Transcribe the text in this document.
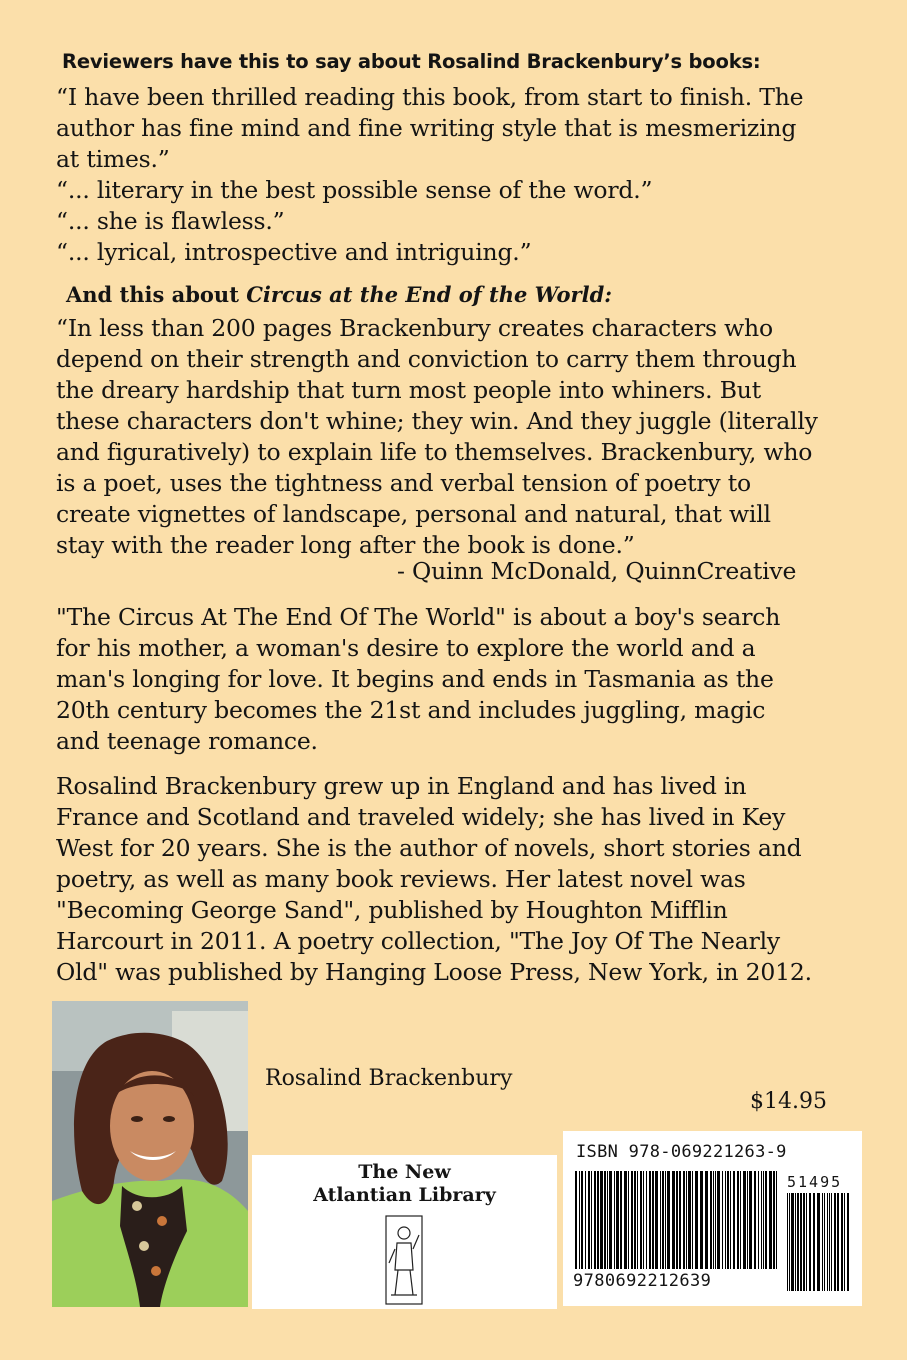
Reviewers have this to say about Rosalind Brackenbury’s books:

“I have been thrilled reading this book, from start to finish. The

author has fine mind and fine writing style that is mesmerizing

at times.”

“... literary in the best possible sense of the word.”

“... she is flawless.”

“... lyrical, introspective and intriguing.”

And this about Circus at the End of the World:

“In less than 200 pages Brackenbury creates characters who

depend on their strength and conviction to carry them through

the dreary hardship that turn most people into whiners. But

these characters don't whine; they win. And they juggle (literally

and figuratively) to explain life to themselves. Brackenbury, who

is a poet, uses the tightness and verbal tension of poetry to

create vignettes of landscape, personal and natural, that will

stay with the reader long after the book is done.”

- Quinn McDonald, QuinnCreative

"The Circus At The End Of The World" is about a boy's search

for his mother, a woman's desire to explore the world and a

man's longing for love. It begins and ends in Tasmania as the

20th century becomes the 21st and includes juggling, magic

and teenage romance.

Rosalind Brackenbury grew up in England and has lived in

France and Scotland and traveled widely; she has lived in Key

West for 20 years. She is the author of novels, short stories and

poetry, as well as many book reviews. Her latest novel was

"Becoming George Sand", published by Houghton Mifflin

Harcourt in 2011. A poetry collection, "The Joy Of The Nearly

Old" was published by Hanging Loose Press, New York, in 2012.

Rosalind Brackenbury
$14.95
The New
Atlantian Library
ISBN 978-069221263-9
51495
9780692212639
